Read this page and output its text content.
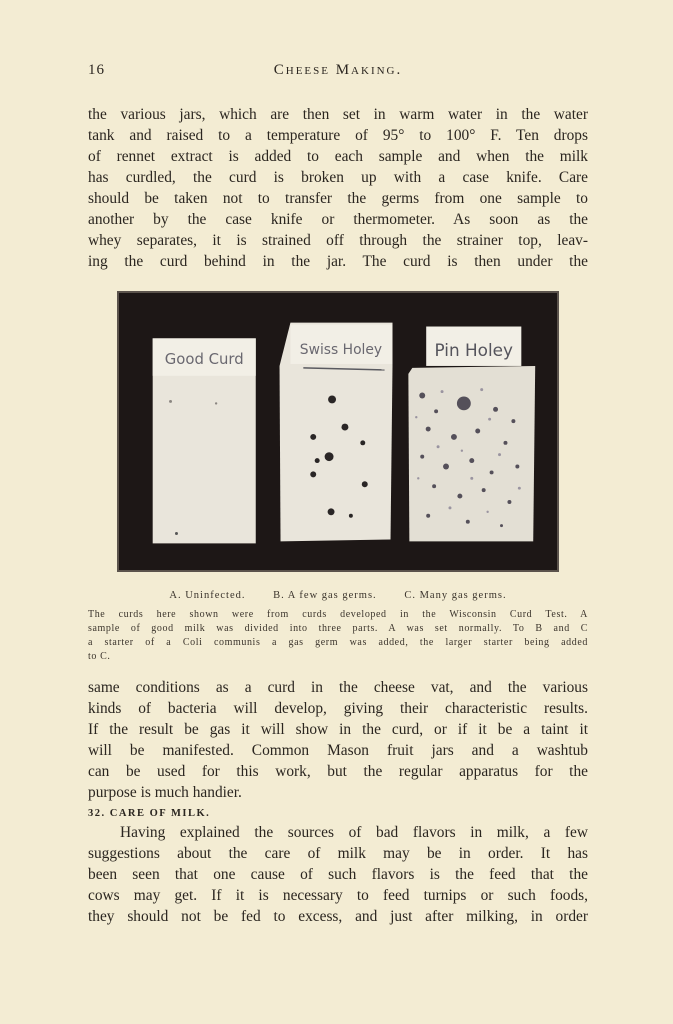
16	Cheese Making.
the various jars, which are then set in warm water in the water
tank and raised to a temperature of 95° to 100° F. Ten drops
of rennet extract is added to each sample and when the milk
has curdled, the curd is broken up with a case knife. Care
should be taken not to transfer the germs from one sample to
another by the case knife or thermometer. As soon as the
whey separates, it is strained off through the strainer top, leav-
ing the curd behind in the jar. The curd is then under the
Good Curd
Swiss Holey	Pin Holey
A. Uninfected.	B. A few gas germs.	C. Many gas germs.
The curds here shown were from curds developed in the Wisconsin Curd Test. A
sample of good milk was divided into three parts. A was set normally. To B and C
a starter of a Coli communis a gas germ was added, the larger starter being added
to C.
same conditions as a curd in the cheese vat, and the various
kinds of bacteria will develop, giving their characteristic results.
If the result be gas it will show in the curd, or if it be a taint it
will be manifested. Common Mason fruit jars and a washtub
can be used for this work, but the regular apparatus for the
purpose is much handier.
32. CARE OF MILK.
Having explained the sources of bad flavors in milk, a few
suggestions about the care of milk may be in order. It has
been seen that one cause of such flavors is the feed that the
cows may get. If it is necessary to feed turnips or such foods,
they should not be fed to excess, and just after milking, in order
